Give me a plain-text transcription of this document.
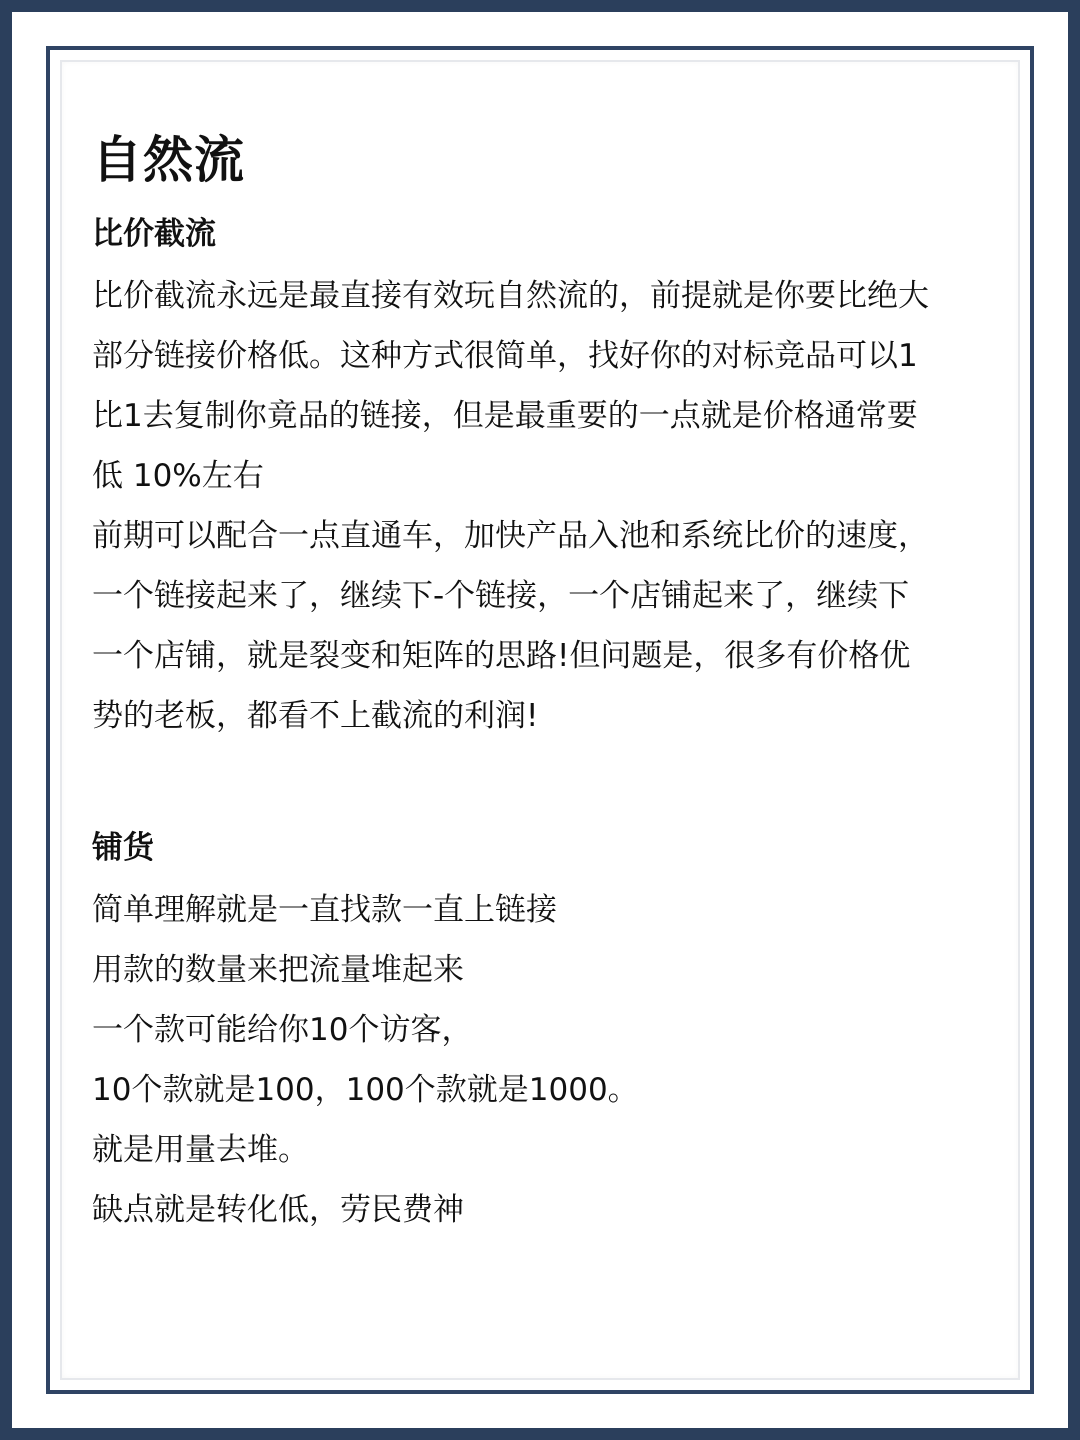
自然流
比价截流

比价截流永远是最直接有效玩自然流的，前提就是你要比绝大

部分链接价格低。这种方式很简单，找好你的对标竞品可以1

比1去复制你竟品的链接，但是最重要的一点就是价格通常要

低 10%左右

前期可以配合一点直通车，加快产品入池和系统比价的速度，

一个链接起来了，继续下-个链接，一个店铺起来了，继续下

一个店铺，就是裂变和矩阵的思路!但问题是，很多有价格优

势的老板，都看不上截流的利润!

铺货

简单理解就是一直找款一直上链接

用款的数量来把流量堆起来

一个款可能给你10个访客，

10个款就是100，100个款就是1000。

就是用量去堆。

缺点就是转化低，劳民费神
